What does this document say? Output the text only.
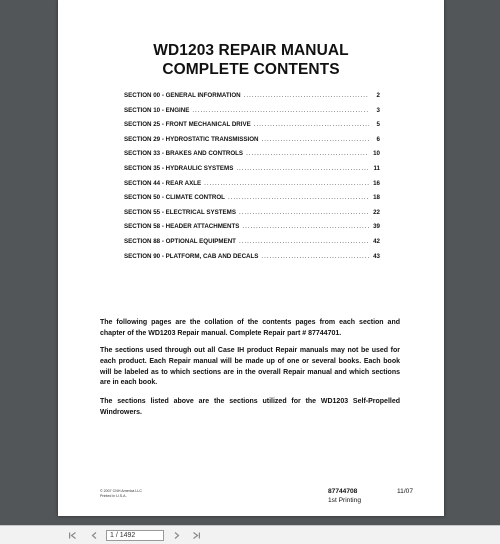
WD1203 REPAIR MANUAL
COMPLETE CONTENTS
SECTION 00 - GENERAL INFORMATION .....	2
SECTION 10 - ENGINE .....	3
SECTION 25 - FRONT MECHANICAL DRIVE .....	5
SECTION 29 - HYDROSTATIC TRANSMISSION .....	6
SECTION 33 - BRAKES AND CONTROLS .....	10
SECTION 35 - HYDRAULIC SYSTEMS .....	11
SECTION 44 - REAR AXLE .....	16
SECTION 50 - CLIMATE CONTROL .....	18
SECTION 55 - ELECTRICAL SYSTEMS .....	22
SECTION 58 - HEADER ATTACHMENTS .....	39
SECTION 88 - OPTIONAL EQUIPMENT .....	42
SECTION 90 - PLATFORM, CAB AND DECALS .....	43
The following pages are the collation of the contents pages from each section and chapter of the WD1203 Repair manual. Complete Repair part # 87744701.
The sections used through out all Case IH product Repair manuals may not be used for each product. Each Repair manual will be made up of one or several books. Each book will be labeled as to which sections are in the overall Repair manual and which sections are in each book.
The sections listed above are the sections utilized for the WD1203 Self-Propelled Windrowers.
© 2007 CNH America LLC
Printed in U.S.A.
87744708
1st Printing
11/07
1 / 1492
